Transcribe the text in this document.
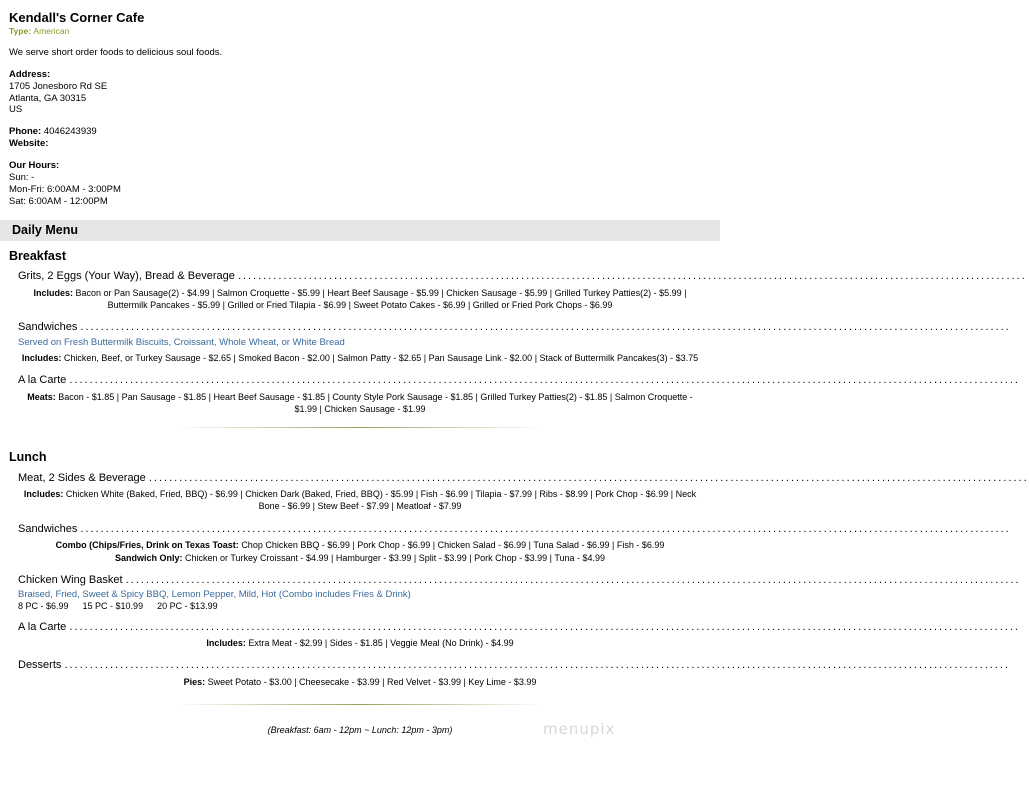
Kendall's Corner Cafe
Type: American
We serve short order foods to delicious soul foods.
Address:
1705 Jonesboro Rd SE
Atlanta, GA 30315
US
Phone: 4046243939
Website:
Our Hours:
Sun: -
Mon-Fri: 6:00AM - 3:00PM
Sat: 6:00AM - 12:00PM
Daily Menu
Breakfast
Grits, 2 Eggs (Your Way), Bread & Beverage ............................................................................................................................................................
Includes: Bacon or Pan Sausage(2) - $4.99 | Salmon Croquette - $5.99 | Heart Beef Sausage - $5.99 | Chicken Sausage - $5.99 | Grilled Turkey Patties(2) - $5.99 | Buttermilk Pancakes - $5.99 | Grilled or Fried Tilapia - $6.99 | Sweet Potato Cakes - $6.99 | Grilled or Fried Pork Chops - $6.99
Sandwiches ........................................................................................................................................................................................
Served on Fresh Buttermilk Biscuits, Croissant, Whole Wheat, or White Bread
Includes: Chicken, Beef, or Turkey Sausage - $2.65 | Smoked Bacon - $2.00 | Salmon Patty - $2.65 | Pan Sausage Link - $2.00 | Stack of Buttermilk Pancakes(3) - $3.75
A la Carte ............................................................................................................................................................................................
Meats: Bacon - $1.85 | Pan Sausage - $1.85 | Heart Beef Sausage - $1.85 | County Style Pork Sausage - $1.85 | Grilled Turkey Patties(2) - $1.85 | Salmon Croquette - $1.99 | Chicken Sausage - $1.99
Lunch
Meat, 2 Sides & Beverage ..............................................................................................................................................................................
Includes: Chicken White (Baked, Fried, BBQ) - $6.99 | Chicken Dark (Baked, Fried, BBQ) - $5.99 | Fish - $6.99 | Tilapia - $7.99 | Ribs - $8.99 | Pork Chop - $6.99 | Neck Bone - $6.99 | Stew Beef - $7.99 | Meatloaf - $7.99
Sandwiches ........................................................................................................................................................................................
Combo (Chips/Fries, Drink on Texas Toast: Chop Chicken BBQ - $6.99 | Pork Chop - $6.99 | Chicken Salad - $6.99 | Tuna Salad - $6.99 | Fish - $6.99
Sandwich Only: Chicken or Turkey Croissant - $4.99 | Hamburger - $3.99 | Split - $3.99 | Pork Chop - $3.99 | Tuna - $4.99
Chicken Wing Basket .................................................................................................................................................................................
Braised, Fried, Sweet & Spicy BBQ, Lemon Pepper, Mild, Hot (Combo includes Fries & Drink)
8 PC - $6.99 15 PC - $10.99 20 PC - $13.99
A la Carte ............................................................................................................................................................................................
Includes: Extra Meat - $2.99 | Sides - $1.85 | Veggie Meal (No Drink) - $4.99
Desserts ...........................................................................................................................................................................................
Pies: Sweet Potato - $3.00 | Cheesecake - $3.99 | Red Velvet - $3.99 | Key Lime - $3.99
(Breakfast: 6am - 12pm ~ Lunch: 12pm - 3pm)	menupix
